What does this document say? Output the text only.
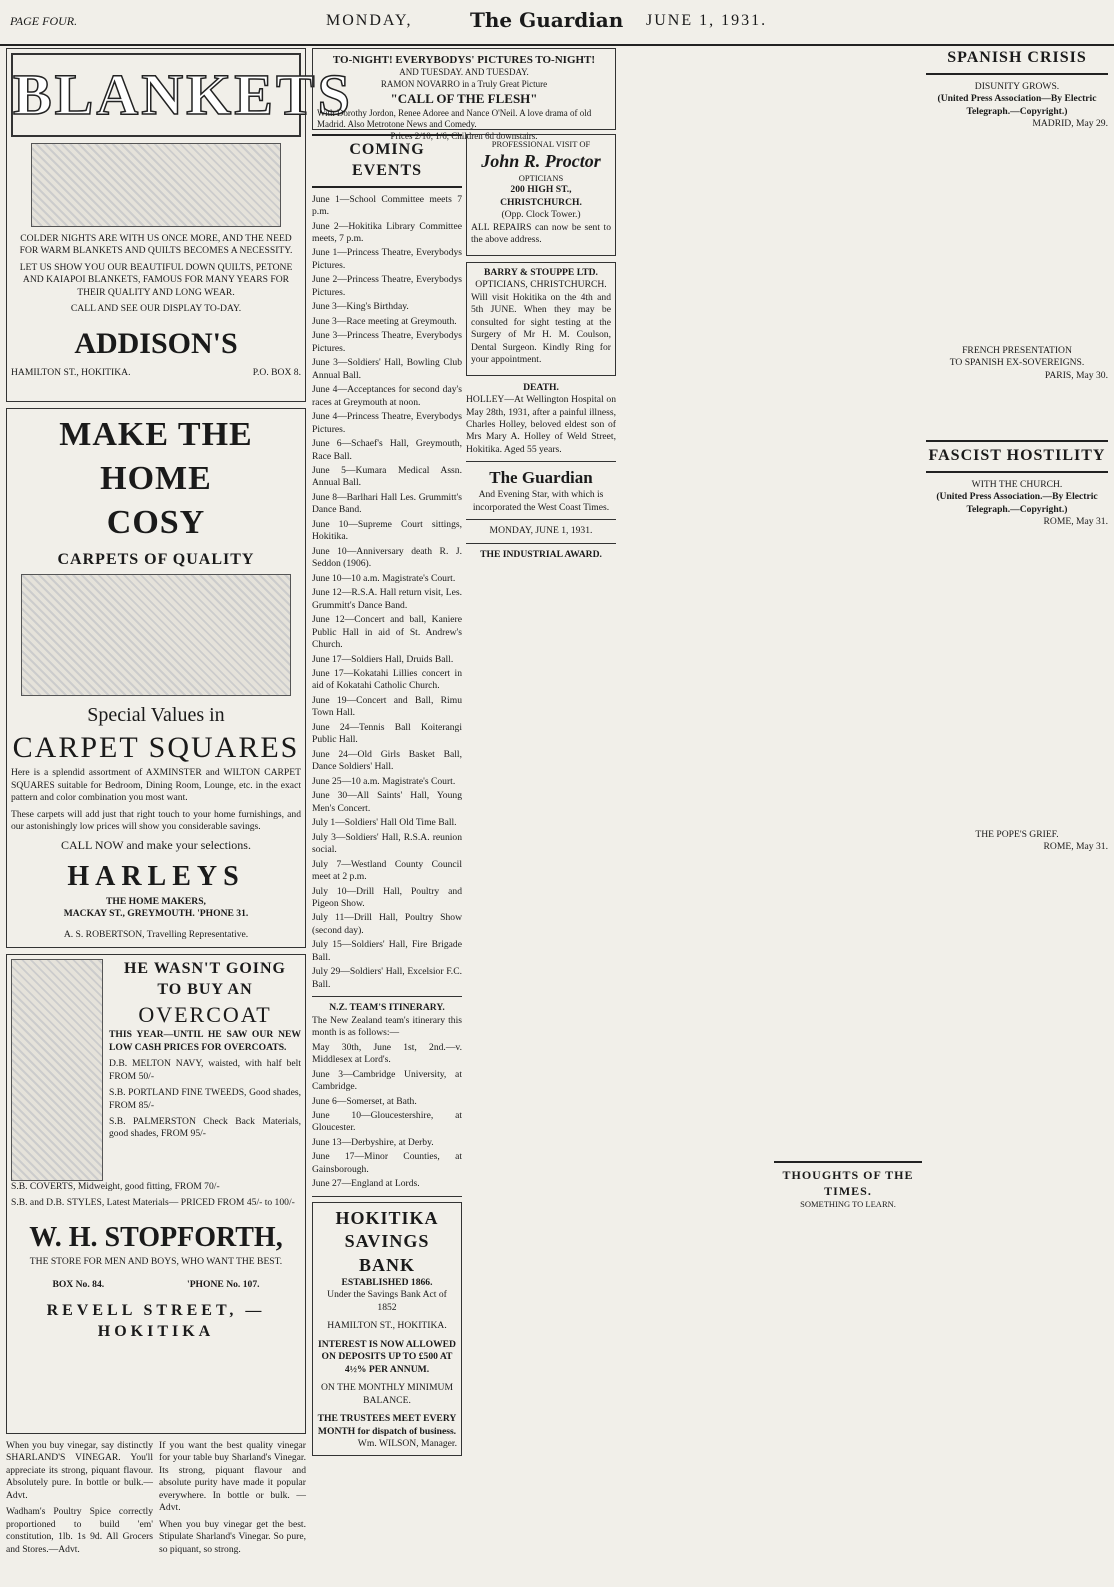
PAGE FOUR.	MONDAY,	The Guardian JUNE 1, 1931.
BLANKETS

COLDER NIGHTS ARE WITH US ONCE MORE, AND THE NEED FOR WARM BLANKETS AND QUILTS BECOMES A NECESSITY.

LET US SHOW YOU OUR BEAUTIFUL DOWN QUILTS, PETONE AND KAIAPOI BLANKETS, FAMOUS FOR MANY YEARS FOR THEIR QUALITY AND LONG WEAR.

CALL AND SEE OUR DISPLAY TO-DAY.

ADDISON'S
HAMILTON ST., HOKITIKA.	P.O. BOX 8.
MAKE THE HOME
COSY
CARPETS OF QUALITY
Special Values in
CARPET SQUARES

Here is a splendid assortment of AXMINSTER and WILTON CARPET SQUARES suitable for Bedroom, Dining Room, Lounge, etc. in the exact pattern and color combination you most want.

These carpets will add just that right touch to your home furnishings, and our astonishingly low prices will show you considerable savings.

CALL NOW and make your selections.
HARLEYS
THE HOME MAKERS,
MACKAY ST., GREYMOUTH. 'PHONE 31.
A. S. ROBERTSON, Travelling Representative.
HE WASN'T GOING
TO BUY AN
OVERCOAT

THIS YEAR—UNTIL HE SAW OUR NEW LOW CASH PRICES FOR OVERCOATS.

D.B. MELTON NAVY, waisted, with half belt FROM 50/-

S.B. PORTLAND FINE TWEEDS, Good shades, FROM 85/-

S.B. PALMERSTON Check Back Materials, good shades, FROM 95/-

S.B. COVERTS, Midweight, good fitting, FROM 70/-

S.B. and D.B. STYLES, Latest Materials— PRICED FROM 45/- to 100/-

W. H. STOPFORTH,
THE STORE FOR MEN AND BOYS, WHO WANT THE BEST.
BOX No. 84.	'PHONE No. 107.
REVELL STREET, — HOKITIKA

When you buy vinegar, say distinctly SHARLAND'S VINEGAR. You'll appreciate its strong, piquant flavour. Absolutely pure. In bottle or bulk.—Advt.

Wadham's Poultry Spice correctly proportioned to build 'em' constitution, 1lb. 1s 9d. All Grocers and Stores.—Advt.

If you want the best quality vinegar for your table buy Sharland's Vinegar. Its strong, piquant flavour and absolute purity have made it popular everywhere. In bottle or bulk. —Advt.

When you buy vinegar get the best. Stipulate Sharland's Vinegar. So pure, so piquant, so strong.

TO-NIGHT! EVERYBODYS' PICTURES TO-NIGHT!
AND TUESDAY. AND TUESDAY.
RAMON NOVARRO in a Truly Great Picture
"CALL OF THE FLESH"
With Dorothy Jordon, Renee Adoree and Nance O'Neil. A love drama of old Madrid. Also Metrotone News and Comedy.
Prices 2/10, 1/6, Children 6d downstairs.
COMING EVENTS

June 1—School Committee meets 7 p.m.

June 2—Hokitika Library Committee meets, 7 p.m.

June 1—Princess Theatre, Everybodys Pictures.

June 2—Princess Theatre, Everybodys Pictures.

June 3—King's Birthday.

June 3—Race meeting at Greymouth.

June 3—Princess Theatre, Everybodys Pictures.

June 3—Soldiers' Hall, Bowling Club Annual Ball.

June 4—Acceptances for second day's races at Greymouth at noon.

June 4—Princess Theatre, Everybodys Pictures.

June 6—Schaef's Hall, Greymouth, Race Ball.

June 5—Kumara Medical Assn. Annual Ball.

June 8—Barlhari Hall Les. Grummitt's Dance Band.

June 10—Supreme Court sittings, Hokitika.

June 10—Anniversary death R. J. Seddon (1906).

June 10—10 a.m. Magistrate's Court.

June 12—R.S.A. Hall return visit, Les. Grummitt's Dance Band.

June 12—Concert and ball, Kaniere Public Hall in aid of St. Andrew's Church.

June 17—Soldiers Hall, Druids Ball.

June 17—Kokatahi Lillies concert in aid of Kokatahi Catholic Church.

June 19—Concert and Ball, Rimu Town Hall.

June 24—Tennis Ball Koiterangi Public Hall.

June 24—Old Girls Basket Ball, Dance Soldiers' Hall.

June 25—10 a.m. Magistrate's Court.

June 30—All Saints' Hall, Young Men's Concert.

July 1—Soldiers' Hall Old Time Ball.

July 3—Soldiers' Hall, R.S.A. reunion social.

July 7—Westland County Council meet at 2 p.m.

July 10—Drill Hall, Poultry and Pigeon Show.

July 11—Drill Hall, Poultry Show (second day).

July 15—Soldiers' Hall, Fire Brigade Ball.

July 29—Soldiers' Hall, Excelsior F.C. Ball.

N.Z. TEAM'S ITINERARY.

The New Zealand team's itinerary this month is as follows:—

May 30th, June 1st, 2nd.—v. Middlesex at Lord's.

June 3—Cambridge University, at Cambridge.

June 6—Somerset, at Bath.

June 10—Gloucestershire, at Gloucester.

June 13—Derbyshire, at Derby.

June 17—Minor Counties, at Gainsborough.

June 27—England at Lords.

HOKITIKA SAVINGS BANK
ESTABLISHED 1866.
Under the Savings Bank Act of 1852
HAMILTON ST., HOKITIKA.
INTEREST IS NOW ALLOWED ON DEPOSITS UP TO £500 AT 4½% PER ANNUM.
ON THE MONTHLY MINIMUM BALANCE.
THE TRUSTEES MEET EVERY MONTH for dispatch of business.
Wm. WILSON, Manager.
PROFESSIONAL VISIT OF
John R. Proctor
OPTICIANS
200 HIGH ST., CHRISTCHURCH.
(Opp. Clock Tower.)

ALL REPAIRS can now be sent to the above address.

BARRY & STOUPPE LTD.
OPTICIANS, CHRISTCHURCH.

Will visit Hokitika on the 4th and 5th JUNE. When they may be consulted for sight testing at the Surgery of Mr H. M. Coulson, Dental Surgeon. Kindly Ring for your appointment.

DEATH.

HOLLEY—At Wellington Hospital on May 28th, 1931, after a painful illness, Charles Holley, beloved eldest son of Mrs Mary A. Holley of Weld Street, Hokitika. Aged 55 years.

The Guardian

And Evening Star, with which is incorporated the West Coast Times.

MONDAY, JUNE 1, 1931.
THE INDUSTRIAL AWARD.
THOUGHTS OF THE TIMES.
SOMETHING TO LEARN.
SPANISH CRISIS
DISUNITY GROWS.
(United Press Association—By Electric Telegraph.—Copyright.)
MADRID, May 29.
FRENCH PRESENTATION
TO SPANISH EX-SOVEREIGNS.
PARIS, May 30.
FASCIST HOSTILITY
WITH THE CHURCH.
(United Press Association.—By Electric Telegraph.—Copyright.)
ROME, May 31.
THE POPE'S GRIEF.
ROME, May 31.
